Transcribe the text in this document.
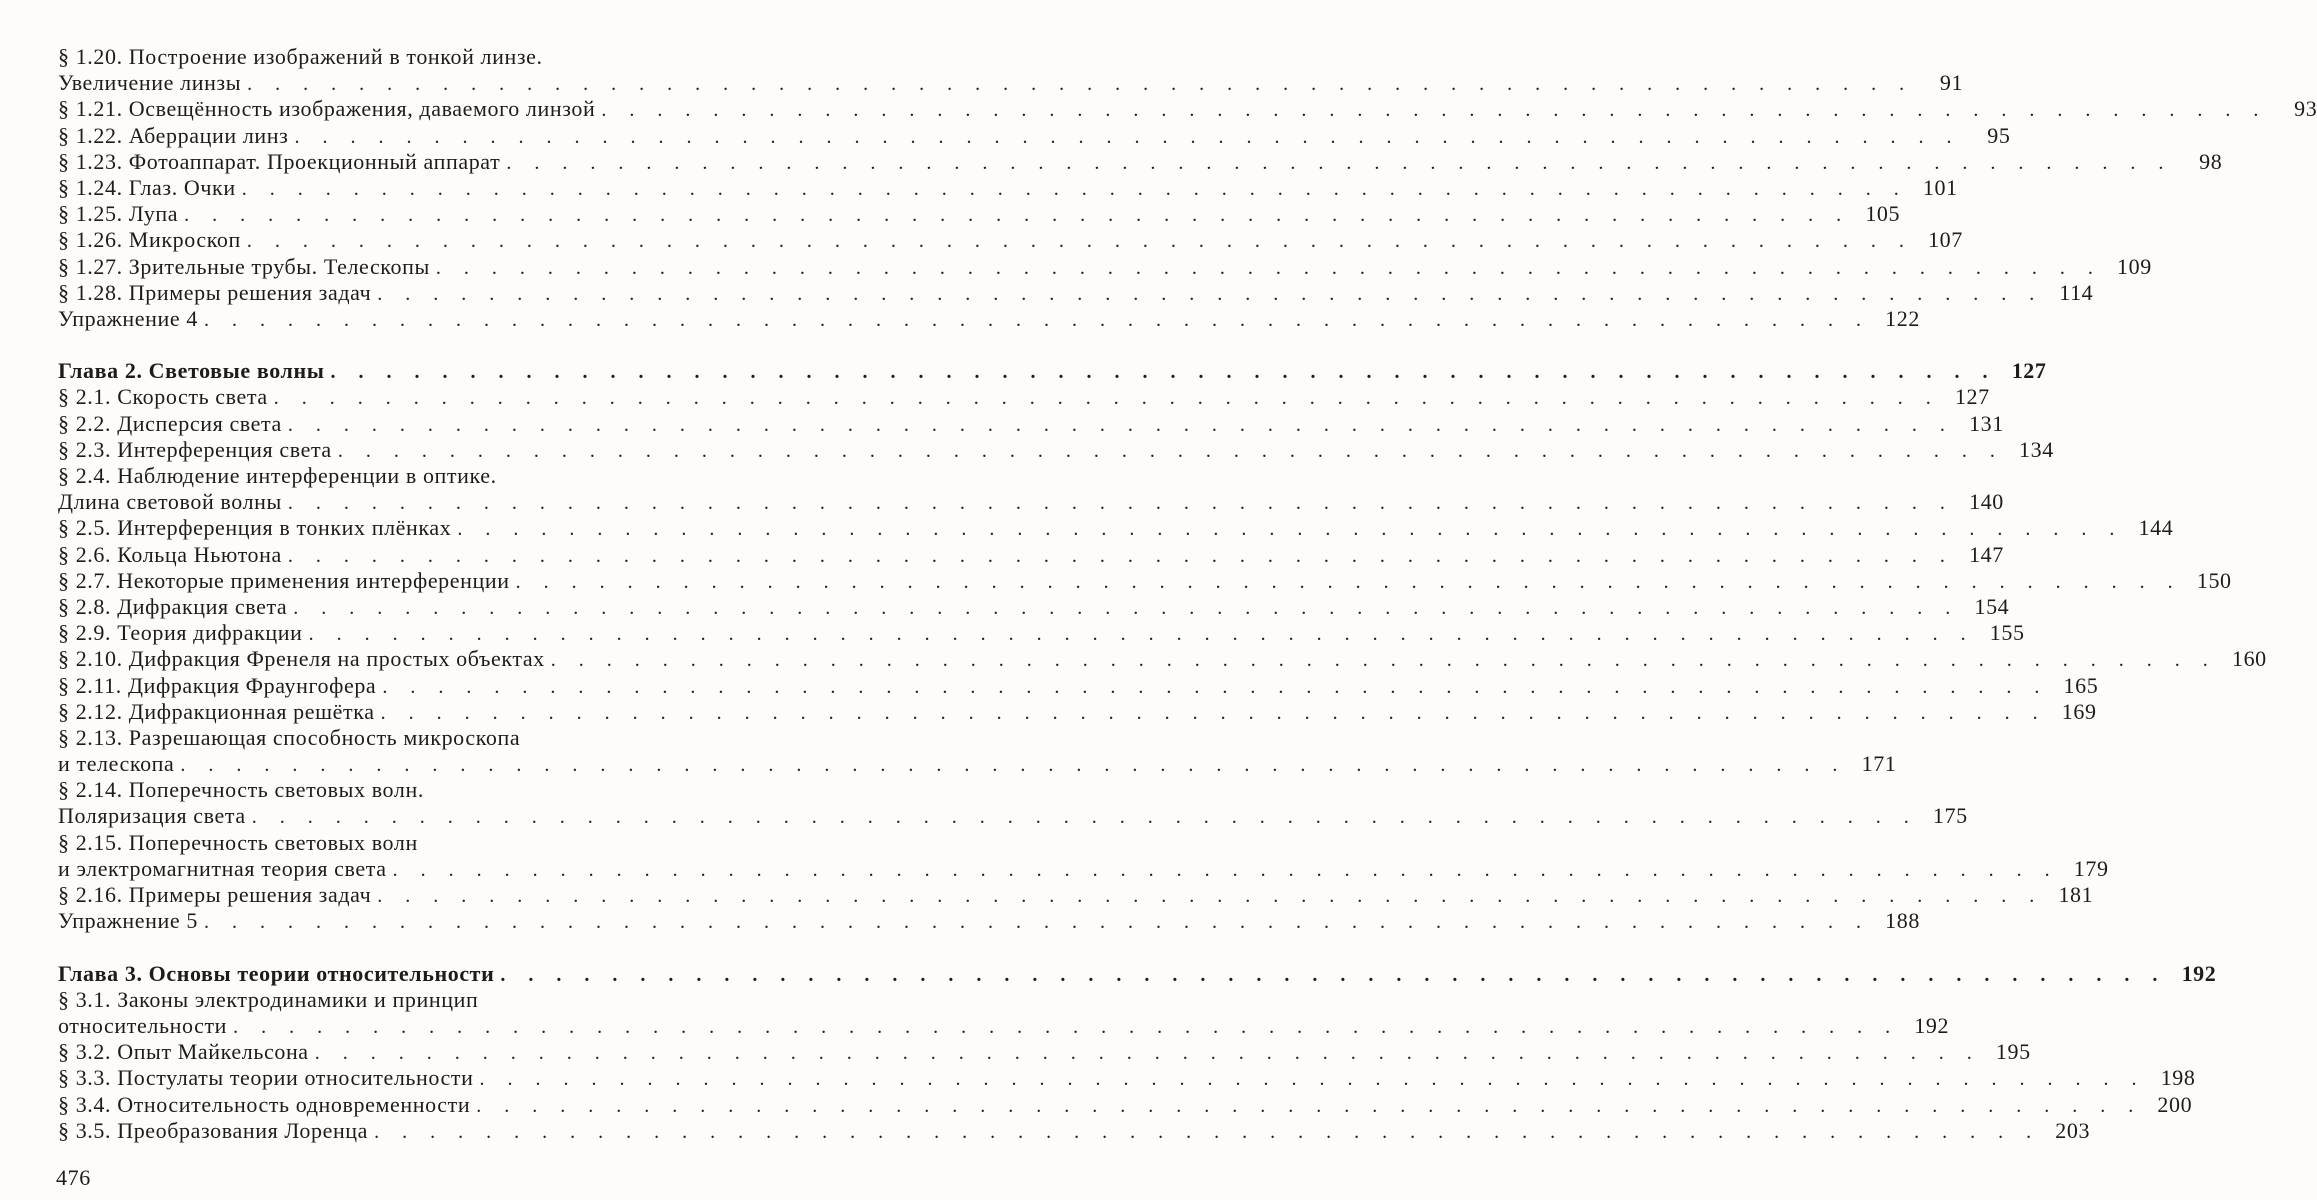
§ 1.20. Построение изображений в тонкой линзе.
Увеличение линзы . . . . . . . . . . . . . . . . . . . . . . . . . . . . . . . . . . . . . . . . . . . . . . . . . . . . . . . . . . . .	91
§ 1.21. Освещённость изображения, даваемого линзой . . . . . . . . . . . . . . . . . . . . . . . . . . . . . . . . . . . . . . . . . . . . . . . . . . . . . . . . . . . .	93
§ 1.22. Аберрации линз . . . . . . . . . . . . . . . . . . . . . . . . . . . . . . . . . . . . . . . . . . . . . . . . . . . . . . . . . . . .	95
§ 1.23. Фотоаппарат. Проекционный аппарат . . . . . . . . . . . . . . . . . . . . . . . . . . . . . . . . . . . . . . . . . . . . . . . . . . . . . . . . . . . .	98
§ 1.24. Глаз. Очки . . . . . . . . . . . . . . . . . . . . . . . . . . . . . . . . . . . . . . . . . . . . . . . . . . . . . . . . . . . . 101
§ 1.25. Лупа . . . . . . . . . . . . . . . . . . . . . . . . . . . . . . . . . . . . . . . . . . . . . . . . . . . . . . . . . . . . 105
§ 1.26. Микроскоп . . . . . . . . . . . . . . . . . . . . . . . . . . . . . . . . . . . . . . . . . . . . . . . . . . . . . . . . . . . . 107
§ 1.27. Зрительные трубы. Телескопы . . . . . . . . . . . . . . . . . . . . . . . . . . . . . . . . . . . . . . . . . . . . . . . . . . . . . . . . . . . . 109
§ 1.28. Примеры решения задач . . . . . . . . . . . . . . . . . . . . . . . . . . . . . . . . . . . . . . . . . . . . . . . . . . . . . . . . . . . . 114
Упражнение 4 . . . . . . . . . . . . . . . . . . . . . . . . . . . . . . . . . . . . . . . . . . . . . . . . . . . . . . . . . . . . 122
Глава 2. Световые волны . . . . . . . . . . . . . . . . . . . . . . . . . . . . . . . . . . . . . . . . . . . . . . . . . . . . . . . . . . . . 127
§ 2.1. Скорость света . . . . . . . . . . . . . . . . . . . . . . . . . . . . . . . . . . . . . . . . . . . . . . . . . . . . . . . . . . . . 127
§ 2.2. Дисперсия света . . . . . . . . . . . . . . . . . . . . . . . . . . . . . . . . . . . . . . . . . . . . . . . . . . . . . . . . . . . . 131
§ 2.3. Интерференция света . . . . . . . . . . . . . . . . . . . . . . . . . . . . . . . . . . . . . . . . . . . . . . . . . . . . . . . . . . . . 134
§ 2.4. Наблюдение интерференции в оптике.
Длина световой волны . . . . . . . . . . . . . . . . . . . . . . . . . . . . . . . . . . . . . . . . . . . . . . . . . . . . . . . . . . . . 140
§ 2.5. Интерференция в тонких плёнках . . . . . . . . . . . . . . . . . . . . . . . . . . . . . . . . . . . . . . . . . . . . . . . . . . . . . . . . . . . . 144
§ 2.6. Кольца Ньютона . . . . . . . . . . . . . . . . . . . . . . . . . . . . . . . . . . . . . . . . . . . . . . . . . . . . . . . . . . . . 147
§ 2.7. Некоторые применения интерференции . . . . . . . . . . . . . . . . . . . . . . . . . . . . . . . . . . . . . . . . . . . . . . . . . . . . . . . . . . . . 150
§ 2.8. Дифракция света . . . . . . . . . . . . . . . . . . . . . . . . . . . . . . . . . . . . . . . . . . . . . . . . . . . . . . . . . . . . 154
§ 2.9. Теория дифракции . . . . . . . . . . . . . . . . . . . . . . . . . . . . . . . . . . . . . . . . . . . . . . . . . . . . . . . . . . . . 155
§ 2.10. Дифракция Френеля на простых объектах . . . . . . . . . . . . . . . . . . . . . . . . . . . . . . . . . . . . . . . . . . . . . . . . . . . . . . . . . . . . 160
§ 2.11. Дифракция Фраунгофера . . . . . . . . . . . . . . . . . . . . . . . . . . . . . . . . . . . . . . . . . . . . . . . . . . . . . . . . . . . . 165
§ 2.12. Дифракционная решётка . . . . . . . . . . . . . . . . . . . . . . . . . . . . . . . . . . . . . . . . . . . . . . . . . . . . . . . . . . . . 169
§ 2.13. Разрешающая способность микроскопа
и телескопа . . . . . . . . . . . . . . . . . . . . . . . . . . . . . . . . . . . . . . . . . . . . . . . . . . . . . . . . . . . . 171
§ 2.14. Поперечность световых волн.
Поляризация света . . . . . . . . . . . . . . . . . . . . . . . . . . . . . . . . . . . . . . . . . . . . . . . . . . . . . . . . . . . . 175
§ 2.15. Поперечность световых волн
и электромагнитная теория света . . . . . . . . . . . . . . . . . . . . . . . . . . . . . . . . . . . . . . . . . . . . . . . . . . . . . . . . . . . . 179
§ 2.16. Примеры решения задач . . . . . . . . . . . . . . . . . . . . . . . . . . . . . . . . . . . . . . . . . . . . . . . . . . . . . . . . . . . . 181
Упражнение 5 . . . . . . . . . . . . . . . . . . . . . . . . . . . . . . . . . . . . . . . . . . . . . . . . . . . . . . . . . . . . 188
Глава 3. Основы теории относительности . . . . . . . . . . . . . . . . . . . . . . . . . . . . . . . . . . . . . . . . . . . . . . . . . . . . . . . . . . . . 192
§ 3.1. Законы электродинамики и принцип
относительности . . . . . . . . . . . . . . . . . . . . . . . . . . . . . . . . . . . . . . . . . . . . . . . . . . . . . . . . . . . . 192
§ 3.2. Опыт Майкельсона . . . . . . . . . . . . . . . . . . . . . . . . . . . . . . . . . . . . . . . . . . . . . . . . . . . . . . . . . . . . 195
§ 3.3. Постулаты теории относительности . . . . . . . . . . . . . . . . . . . . . . . . . . . . . . . . . . . . . . . . . . . . . . . . . . . . . . . . . . . . 198
§ 3.4. Относительность одновременности . . . . . . . . . . . . . . . . . . . . . . . . . . . . . . . . . . . . . . . . . . . . . . . . . . . . . . . . . . . . 200
§ 3.5. Преобразования Лоренца . . . . . . . . . . . . . . . . . . . . . . . . . . . . . . . . . . . . . . . . . . . . . . . . . . . . . . . . . . . . 203
476
